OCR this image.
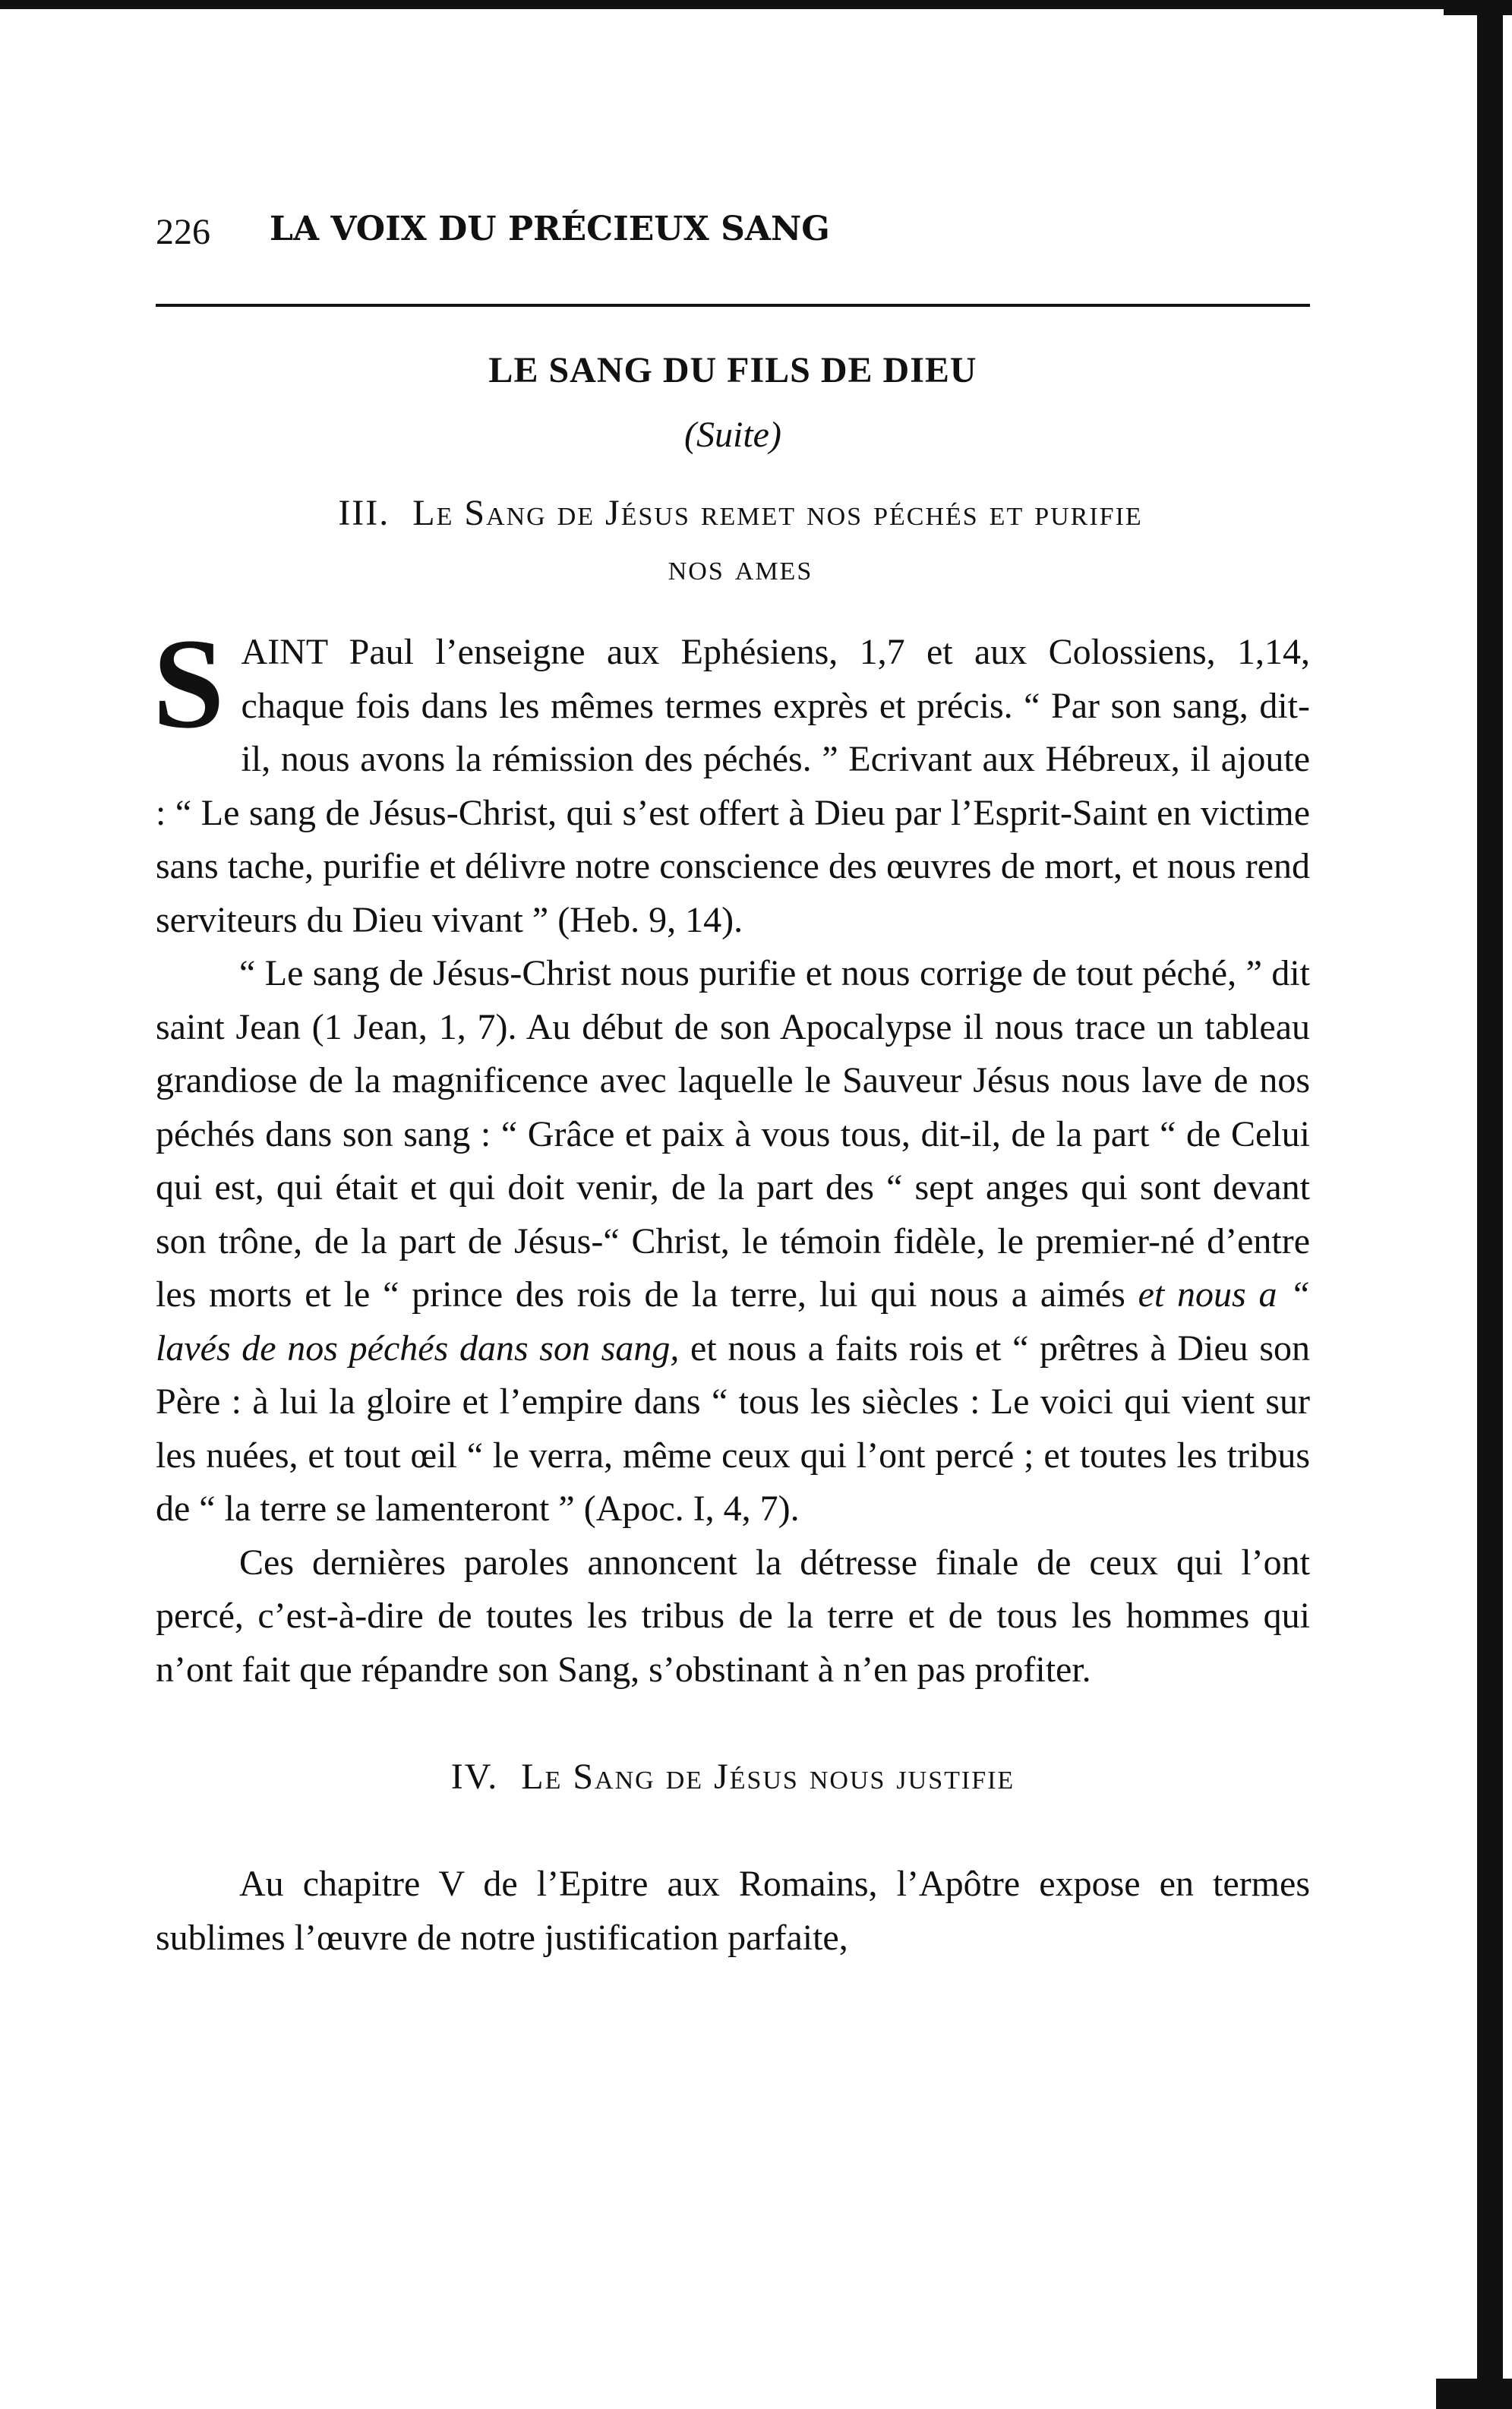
226 LA VOIX DU PRÉCIEUX SANG
LE SANG DU FILS DE DIEU
(Suite)
III. Le Sang de Jésus remet nos péchés et purifie
nos ames

SAINT Paul l’enseigne aux Ephésiens, 1,7 et aux Colossiens, 1,14, chaque fois dans les mêmes termes exprès et précis. “ Par son sang, dit-il, nous avons la rémission des péchés. ” Ecrivant aux Hébreux, il ajoute : “ Le sang de Jésus-Christ, qui s’est offert à Dieu par l’Esprit-Saint en victime sans tache, purifie et délivre notre conscience des œuvres de mort, et nous rend serviteurs du Dieu vivant ” (Heb. 9, 14).

“ Le sang de Jésus-Christ nous purifie et nous corrige de tout péché, ” dit saint Jean (1 Jean, 1, 7). Au début de son Apocalypse il nous trace un tableau grandiose de la magnificence avec laquelle le Sauveur Jésus nous lave de nos péchés dans son sang : “ Grâce et paix à vous tous, dit-il, de la part “ de Celui qui est, qui était et qui doit venir, de la part des “ sept anges qui sont devant son trône, de la part de Jésus-“ Christ, le témoin fidèle, le premier-né d’entre les morts et le “ prince des rois de la terre, lui qui nous a aimés et nous a “ lavés de nos péchés dans son sang, et nous a faits rois et “ prêtres à Dieu son Père : à lui la gloire et l’empire dans “ tous les siècles : Le voici qui vient sur les nuées, et tout œil “ le verra, même ceux qui l’ont percé ; et toutes les tribus de “ la terre se lamenteront ” (Apoc. I, 4, 7).

Ces dernières paroles annoncent la détresse finale de ceux qui l’ont percé, c’est-à-dire de toutes les tribus de la terre et de tous les hommes qui n’ont fait que répandre son Sang, s’obstinant à n’en pas profiter.

IV. Le Sang de Jésus nous justifie

Au chapitre V de l’Epitre aux Romains, l’Apôtre expose en termes sublimes l’œuvre de notre justification parfaite,
